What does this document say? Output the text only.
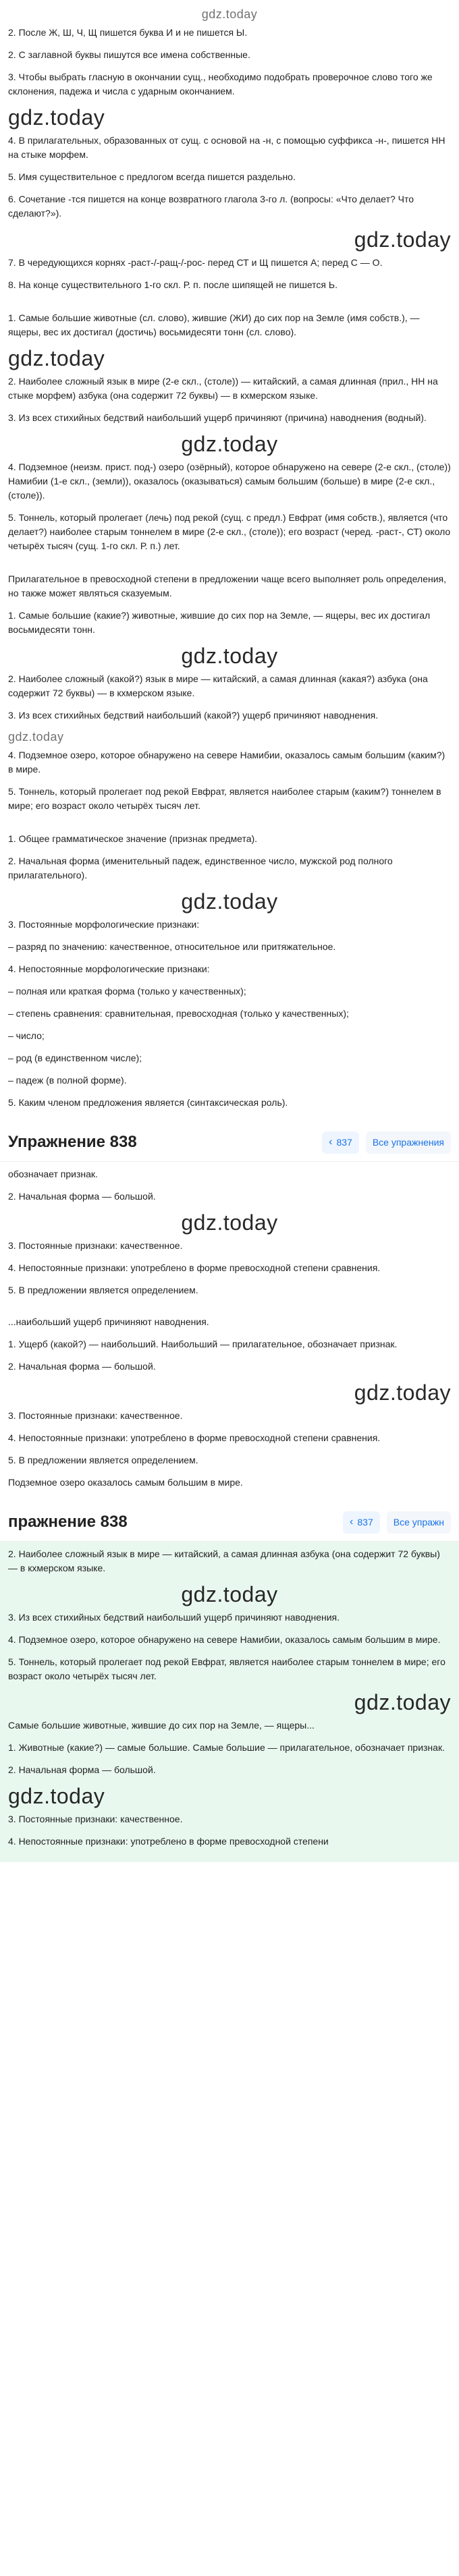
gdz.today
2. После Ж, Ш, Ч, Щ пишется буква И и не пишется Ы.
2. С заглавной буквы пишутся все имена собственные.
3. Чтобы выбрать гласную в окончании сущ., необходимо подобрать проверочное слово того же склонения, падежа и числа с ударным окончанием.
gdz.today
4. В прилагательных, образованных от сущ. с основой на -н, с помощью суффикса -н-, пишется НН на стыке морфем.
5. Имя существительное с предлогом всегда пишется раздельно.
6. Сочетание -тся пишется на конце возвратного глагола 3-го л. (вопросы: «Что делает? Что сделают?»).
gdz.today
7. В чередующихся корнях -раст-/-ращ-/-рос- перед СТ и Щ пишется А; перед С — О.
8. На конце существительного 1-го скл. Р. п. после шипящей не пишется Ь.
1. Самые большие животные (сл. слово), жившие (ЖИ) до сих пор на Земле (имя собств.), — ящеры, вес их достигал (достичь) восьмидесяти тонн (сл. слово).
gdz.today
2. Наиболее сложный язык в мире (2-е скл., (столе)) — китайский, а самая длинная (прил., НН на стыке морфем) азбука (она содержит 72 буквы) — в кхмерском языке.
3. Из всех стихийных бедствий наибольший ущерб причиняют (причина) наводнения (водный).
gdz.today
4. Подземное (неизм. прист. под-) озеро (озёрный), которое обнаружено на севере (2-е скл., (столе)) Намибии (1-е скл., (земли)), оказалось (оказываться) самым большим (больше) в мире (2-е скл., (столе)).
5. Тоннель, который пролегает (лечь) под рекой (сущ. с предл.) Евфрат (имя собств.), является (что делает?) наиболее старым тоннелем в мире (2-е скл., (столе)); его возраст (черед. -раст-, СТ) около четырёх тысяч (сущ. 1-го скл. Р. п.) лет.
Прилагательное в превосходной степени в предложении чаще всего выполняет роль определения, но также может являться сказуемым.
1. Самые большие (какие?) животные, жившие до сих пор на Земле, — ящеры, вес их достигал восьмидесяти тонн.
gdz.today
2. Наиболее сложный (какой?) язык в мире — китайский, а самая длинная (какая?) азбука (она содержит 72 буквы) — в кхмерском языке.
3. Из всех стихийных бедствий наибольший (какой?) ущерб причиняют наводнения.
gdz.today
4. Подземное озеро, которое обнаружено на севере Намибии, оказалось самым большим (каким?) в мире.
5. Тоннель, который пролегает под рекой Евфрат, является наиболее старым (каким?) тоннелем в мире; его возраст около четырёх тысяч лет.
1. Общее грамматическое значение (признак предмета).
2. Начальная форма (именительный падеж, единственное число, мужской род полного прилагательного).
gdz.today
3. Постоянные морфологические признаки:
– разряд по значению: качественное, относительное или притяжательное.
4. Непостоянные морфологические признаки:
– полная или краткая форма (только у качественных);
– степень сравнения: сравнительная, превосходная (только у качественных);
– число;
– род (в единственном числе);
– падеж (в полной форме).
5. Каким членом предложения является (синтаксическая роль).
Упражнение 838	‹ 837	Все упражнения
обозначает признак.
2. Начальная форма — большой.
gdz.today
3. Постоянные признаки: качественное.
4. Непостоянные признаки: употреблено в форме превосходной степени сравнения.
5. В предложении является определением.
...наибольший ущерб причиняют наводнения.
1. Ущерб (какой?) — наибольший. Наибольший — прилагательное, обозначает признак.
2. Начальная форма — большой.
gdz.today
3. Постоянные признаки: качественное.
4. Непостоянные признаки: употреблено в форме превосходной степени сравнения.
5. В предложении является определением.
Подземное озеро оказалось самым большим в мире.
пражнение 838	‹ 837	Все упражн
2. Наиболее сложный язык в мире — китайский, а самая длинная азбука (она содержит 72 буквы) — в кхмерском языке.
gdz.today
3. Из всех стихийных бедствий наибольший ущерб причиняют наводнения.
4. Подземное озеро, которое обнаружено на севере Намибии, оказалось самым большим в мире.
5. Тоннель, который пролегает под рекой Евфрат, является наиболее старым тоннелем в мире; его возраст около четырёх тысяч лет.
gdz.today
Самые большие животные, жившие до сих пор на Земле, — ящеры...
1. Животные (какие?) — самые большие. Самые большие — прилагательное, обозначает признак.
2. Начальная форма — большой.
gdz.today
3. Постоянные признаки: качественное.
4. Непостоянные признаки: употреблено в форме превосходной степени
